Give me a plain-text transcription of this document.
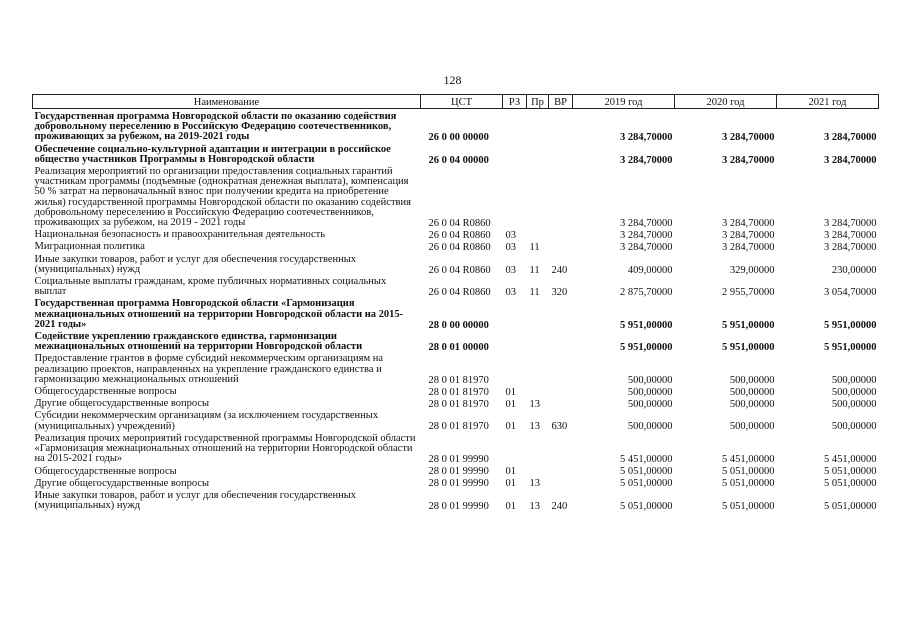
128
Наименование	ЦСТ	РЗ	Пр	ВР	2019 год	2020 год	2021 год

Государственная программа Новгородской области по оказанию содействия добровольному переселению в Российскую Федерацию соотечественников, проживающих за рубежом, на 2019-2021 годы	26 0 00 00000				3 284,70000	3 284,70000	3 284,70000
Обеспечение социально-культурной адаптации и интеграции в российское общество участников Программы в Новгородской области	26 0 04 00000				3 284,70000	3 284,70000	3 284,70000
Реализация мероприятий по организации предоставления социальных гарантий участникам программы (подъемные (однократная денежная выплата), компенсация 50 % затрат на первоначальный взнос при получении кредита на приобретение жилья) государственной программы Новгородской области по оказанию содействия добровольному переселению в Российскую Федерацию соотечественников, проживающих за рубежом, на 2019 - 2021 годы	26 0 04 R0860				3 284,70000	3 284,70000	3 284,70000
Национальная безопасность и правоохранительная деятельность	26 0 04 R0860	03			3 284,70000	3 284,70000	3 284,70000
Миграционная политика	26 0 04 R0860	03	11		3 284,70000	3 284,70000	3 284,70000
Иные закупки товаров, работ и услуг для обеспечения государственных (муниципальных) нужд	26 0 04 R0860	03	11	240	409,00000	329,00000	230,00000
Социальные выплаты гражданам, кроме публичных нормативных социальных выплат	26 0 04 R0860	03	11	320	2 875,70000	2 955,70000	3 054,70000
Государственная программа Новгородской области «Гармонизация межнациональных отношений на территории Новгородской области на 2015-2021 годы»	28 0 00 00000				5 951,00000	5 951,00000	5 951,00000
Содействие укреплению гражданского единства, гармонизации межнациональных отношений на территории Новгородской области	28 0 01 00000				5 951,00000	5 951,00000	5 951,00000
Предоставление грантов в форме субсидий некоммерческим организациям на реализацию проектов, направленных на укрепление гражданского единства и гармонизацию межнациональных отношений	28 0 01 81970				500,00000	500,00000	500,00000
Общегосударственные вопросы	28 0 01 81970	01			500,00000	500,00000	500,00000
Другие общегосударственные вопросы	28 0 01 81970	01	13		500,00000	500,00000	500,00000
Субсидии некоммерческим организациям (за исключением государственных (муниципальных) учреждений)	28 0 01 81970	01	13	630	500,00000	500,00000	500,00000
Реализация прочих мероприятий государственной программы Новгородской области «Гармонизация межнациональных отношений на территории Новгородской области на 2015-2021 годы»	28 0 01 99990				5 451,00000	5 451,00000	5 451,00000
Общегосударственные вопросы	28 0 01 99990	01			5 051,00000	5 051,00000	5 051,00000
Другие общегосударственные вопросы	28 0 01 99990	01	13		5 051,00000	5 051,00000	5 051,00000
Иные закупки товаров, работ и услуг для обеспечения государственных (муниципальных) нужд	28 0 01 99990	01	13	240	5 051,00000	5 051,00000	5 051,00000
